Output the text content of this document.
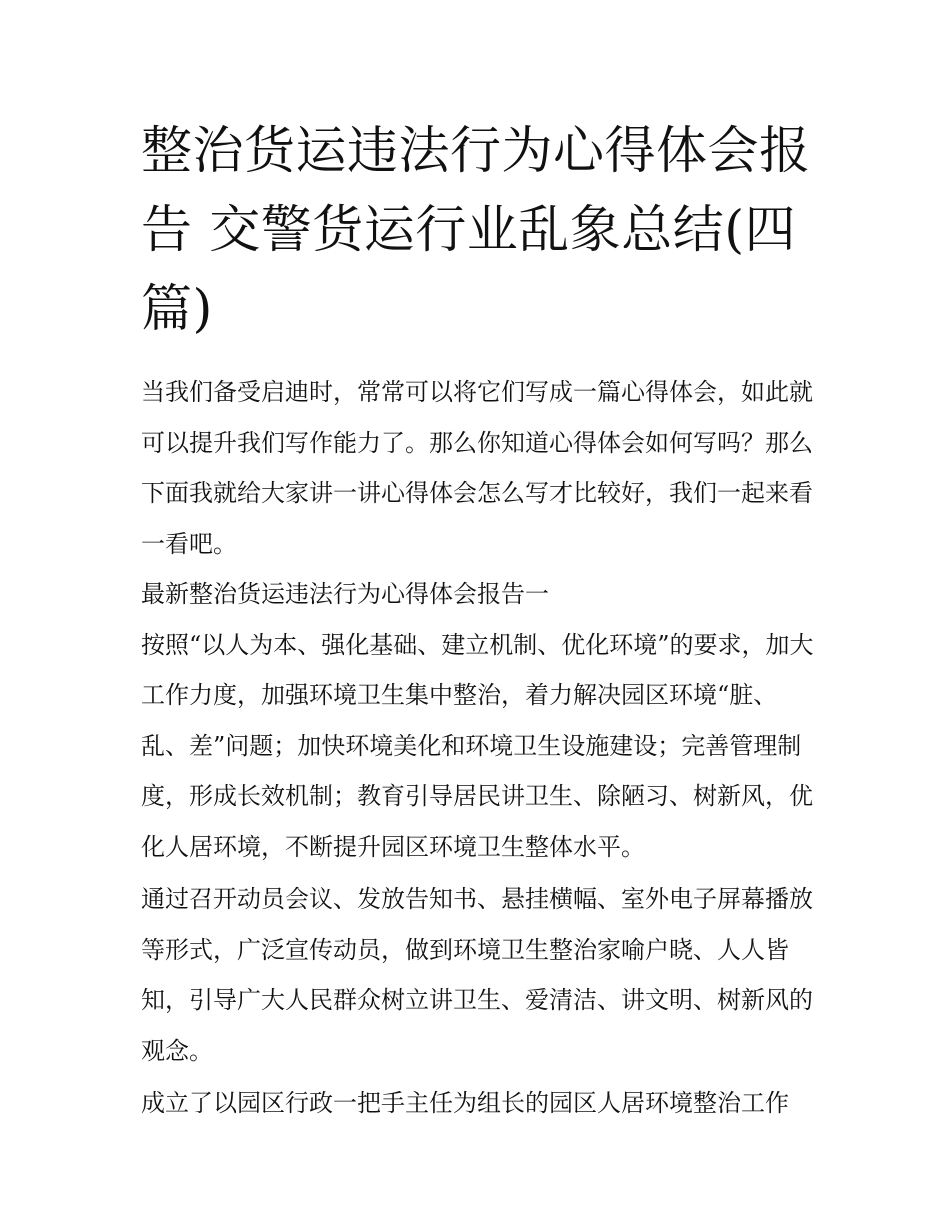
整治货运违法行为心得体会报
告 交警货运行业乱象总结(四
篇)

当我们备受启迪时，常常可以将它们写成一篇心得体会，如此就可以提升我们写作能力了。那么你知道心得体会如何写吗？那么下面我就给大家讲一讲心得体会怎么写才比较好，我们一起来看一看吧。

最新整治货运违法行为心得体会报告一

按照“以人为本、强化基础、建立机制、优化环境”的要求，加大工作力度，加强环境卫生集中整治，着力解决园区环境“脏、乱、差”问题；加快环境美化和环境卫生设施建设；完善管理制度，形成长效机制；教育引导居民讲卫生、除陋习、树新风，优化人居环境，不断提升园区环境卫生整体水平。

通过召开动员会议、发放告知书、悬挂横幅、室外电子屏幕播放等形式，广泛宣传动员，做到环境卫生整治家喻户晓、人人皆知，引导广大人民群众树立讲卫生、爱清洁、讲文明、树新风的观念。

成立了以园区行政一把手主任为组长的园区人居环境整治工作
